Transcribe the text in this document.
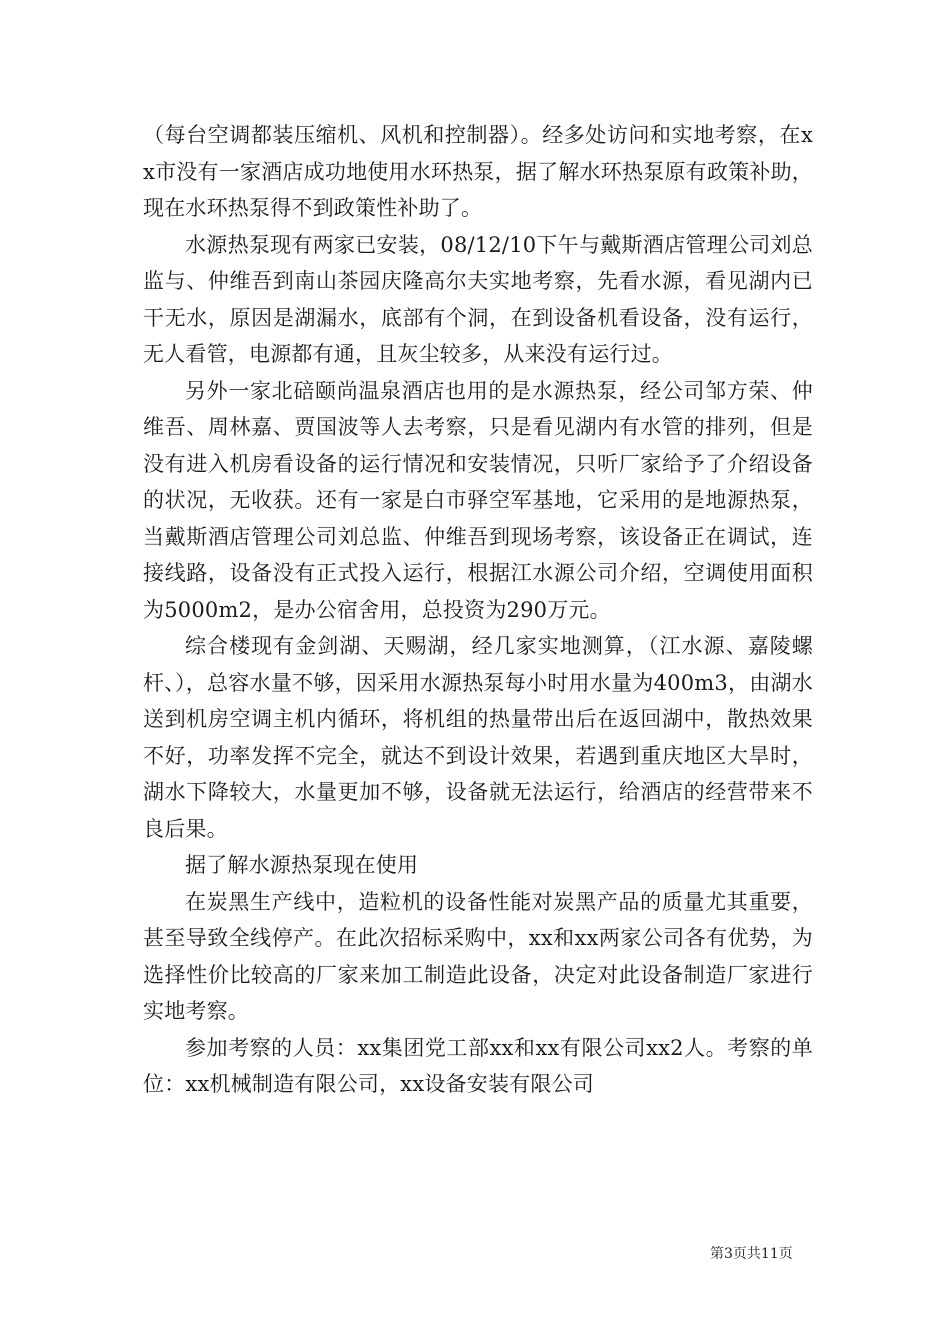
（每台空调都装压缩机、风机和控制器）。经多处访问和实地考察，在xx市没有一家酒店成功地使用水环热泵，据了解水环热泵原有政策补助，现在水环热泵得不到政策性补助了。

水源热泵现有两家已安装，08/12/10下午与戴斯酒店管理公司刘总监与、仲维吾到南山茶园庆隆高尔夫实地考察，先看水源，看见湖内已干无水，原因是湖漏水，底部有个洞，在到设备机看设备，没有运行，无人看管，电源都有通，且灰尘较多，从来没有运行过。

另外一家北碚颐尚温泉酒店也用的是水源热泵，经公司邹方荣、仲维吾、周林嘉、贾国波等人去考察，只是看见湖内有水管的排列，但是没有进入机房看设备的运行情况和安装情况，只听厂家给予了介绍设备的状况，无收获。还有一家是白市驿空军基地，它采用的是地源热泵，当戴斯酒店管理公司刘总监、仲维吾到现场考察，该设备正在调试，连接线路，设备没有正式投入运行，根据江水源公司介绍，空调使用面积为5000m2，是办公宿舍用，总投资为290万元。

综合楼现有金剑湖、天赐湖，经几家实地测算，（江水源、嘉陵螺杆、），总容水量不够，因采用水源热泵每小时用水量为400m3，由湖水送到机房空调主机内循环，将机组的热量带出后在返回湖中，散热效果不好，功率发挥不完全，就达不到设计效果，若遇到重庆地区大旱时，湖水下降较大，水量更加不够，设备就无法运行，给酒店的经营带来不良后果。

据了解水源热泵现在使用

在炭黑生产线中，造粒机的设备性能对炭黑产品的质量尤其重要，甚至导致全线停产。在此次招标采购中，xx和xx两家公司各有优势，为选择性价比较高的厂家来加工制造此设备，决定对此设备制造厂家进行实地考察。

参加考察的人员：xx集团党工部xx和xx有限公司xx2人。考察的单位：xx机械制造有限公司，xx设备安装有限公司

第3页共11页
